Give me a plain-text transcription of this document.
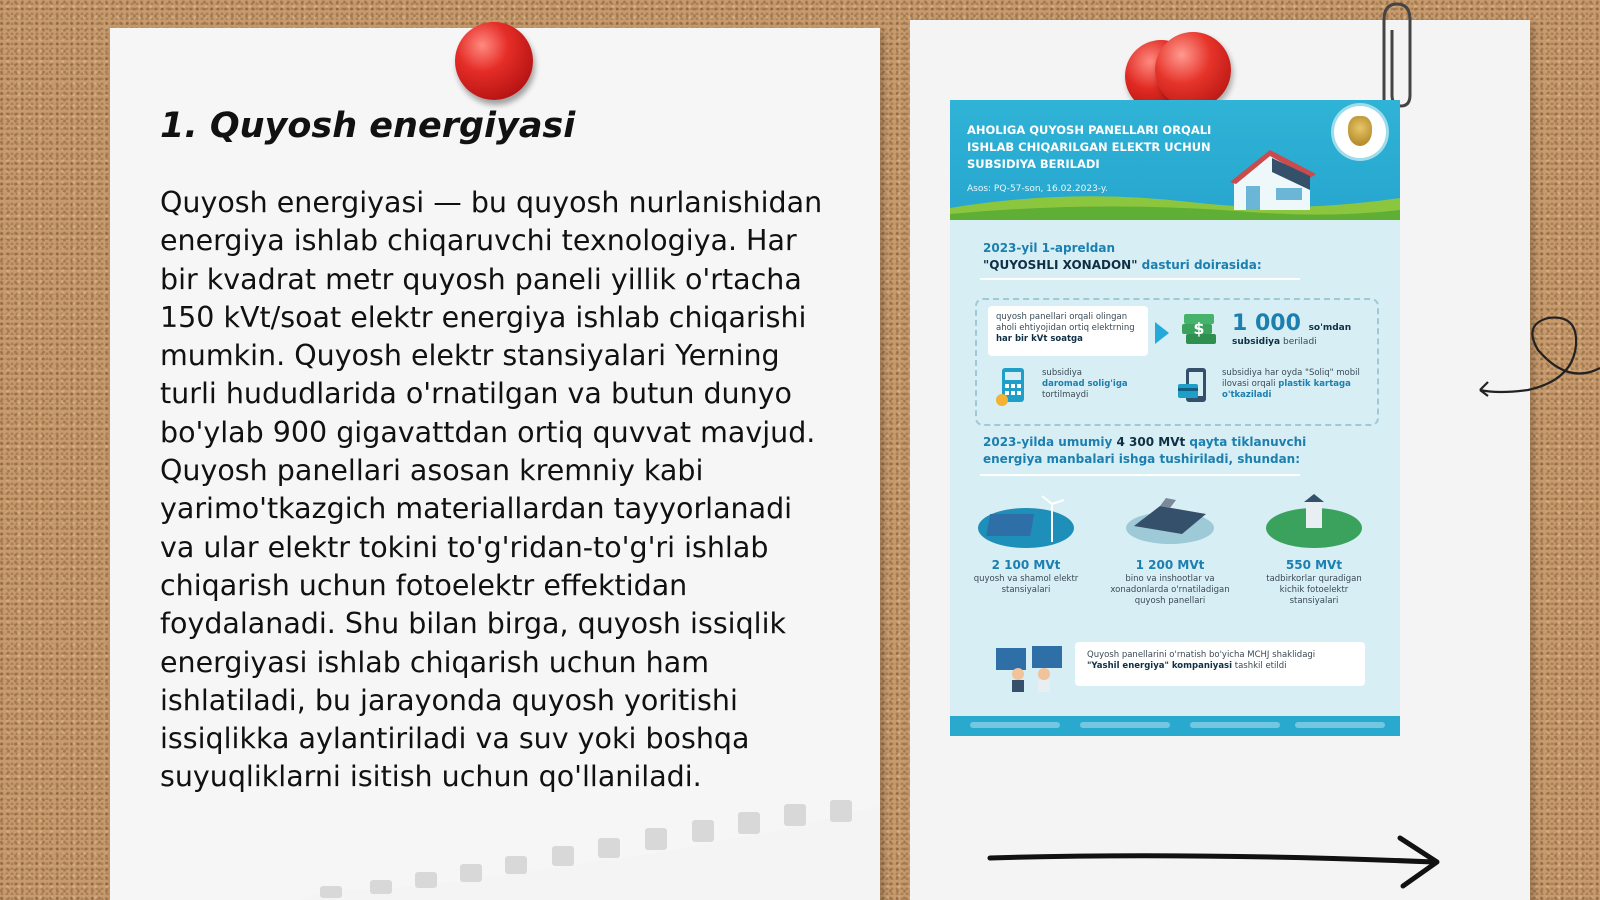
1. Quyosh energiyasi

Quyosh energiyasi — bu quyosh nurlanishidan energiya ishlab chiqaruvchi texnologiya. Har bir kvadrat metr quyosh paneli yillik o'rtacha 150 kVt/soat elektr energiya ishlab chiqarishi mumkin. Quyosh elektr stansiyalari Yerning turli hududlarida o'rnatilgan va butun dunyo bo'ylab 900 gigavattdan ortiq quvvat mavjud. Quyosh panellari asosan kremniy kabi yarimo'tkazgich materiallardan tayyorlanadi va ular elektr tokini to'g'ridan-to'g'ri ishlab chiqarish uchun fotoelektr effektidan foydalanadi. Shu bilan birga, quyosh issiqlik energiyasi ishlab chiqarish uchun ham ishlatiladi, bu jarayonda quyosh yoritishi issiqlikka aylantiriladi va suv yoki boshqa suyuqliklarni isitish uchun qo'llaniladi.

AHOLIGA QUYOSH PANELLARI ORQALI ISHLAB CHIQARILGAN ELEKTR UCHUN SUBSIDIYA BERILADI

Asos: PQ-57-son, 16.02.2023-y.

2023-yil 1-apreldan
"QUYOSHLI XONADON" dasturi doirasida:

quyosh panellari orqali olingan aholi ehtiyojidan ortiq elektrning
har bir kVt soatga
$ 1 000 so'mdan
subsidiya beriladi
subsidiya
daromad solig'iga
tortilmaydi
subsidiya har oyda "Soliq" mobil ilovasi orqali plastik kartaga o'tkaziladi

2023-yilda umumiy 4 300 MVt qayta tiklanuvchi
energiya manbalari ishga tushiriladi, shundan:

2 100 MVt
quyosh va shamol elektr stansiyalari
1 200 MVt
bino va inshootlar va xonadonlarda o'rnatiladigan quyosh panellari
550 MVt
tadbirkorlar quradigan kichik fotoelektr stansiyalari
Quyosh panellarini o'rnatish bo'yicha MCHJ shaklidagi
"Yashil energiya" kompaniyasi tashkil etildi
